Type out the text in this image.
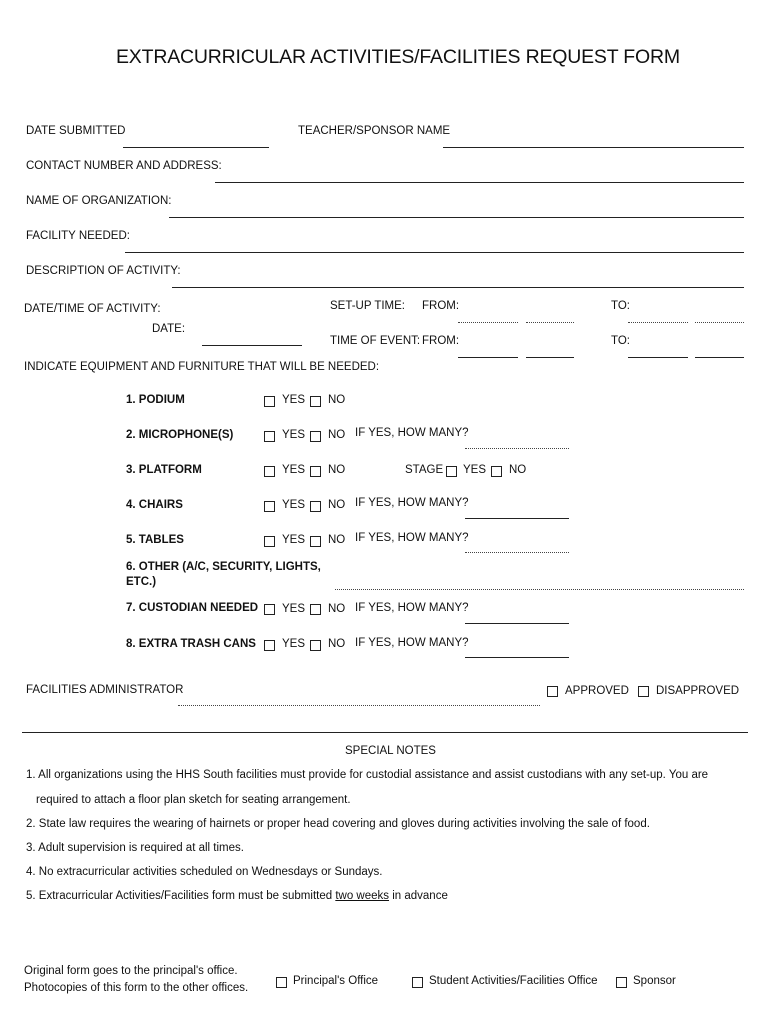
EXTRACURRICULAR ACTIVITIES/FACILITIES REQUEST FORM
DATE SUBMITTED	TEACHER/SPONSOR NAME
CONTACT NUMBER AND ADDRESS:
NAME OF ORGANIZATION:
FACILITY NEEDED:
DESCRIPTION OF ACTIVITY:
DATE/TIME OF ACTIVITY:
DATE:
SET-UP TIME: FROM:	TO:
TIME OF EVENT: FROM:	TO:
INDICATE EQUIPMENT AND FURNITURE THAT WILL BE NEEDED:
1. PODIUM	YES NO
2. MICROPHONE(S)	YES NO IF YES, HOW MANY?
3. PLATFORM	YES NO	STAGE YES NO
4. CHAIRS	YES NO IF YES, HOW MANY?
5. TABLES	YES NO IF YES, HOW MANY?
6. OTHER (A/C, SECURITY, LIGHTS,
ETC.)
7. CUSTODIAN NEEDED YES NO IF YES, HOW MANY?
8. EXTRA TRASH CANS YES NO IF YES, HOW MANY?
FACILITIES ADMINISTRATOR	APPROVED DISAPPROVED
SPECIAL NOTES
1. All organizations using the HHS South facilities must provide for custodial assistance and assist custodians with any set-up. You are
required to attach a floor plan sketch for seating arrangement.
2. State law requires the wearing of hairnets or proper head covering and gloves during activities involving the sale of food.
3. Adult supervision is required at all times.
4. No extracurricular activities scheduled on Wednesdays or Sundays.
5. Extracurricular Activities/Facilities form must be submitted two weeks in advance
Original form goes to the principal's office.
Photocopies of this form to the other offices.
Principal's Office	Student Activities/Facilities Office	Sponsor
